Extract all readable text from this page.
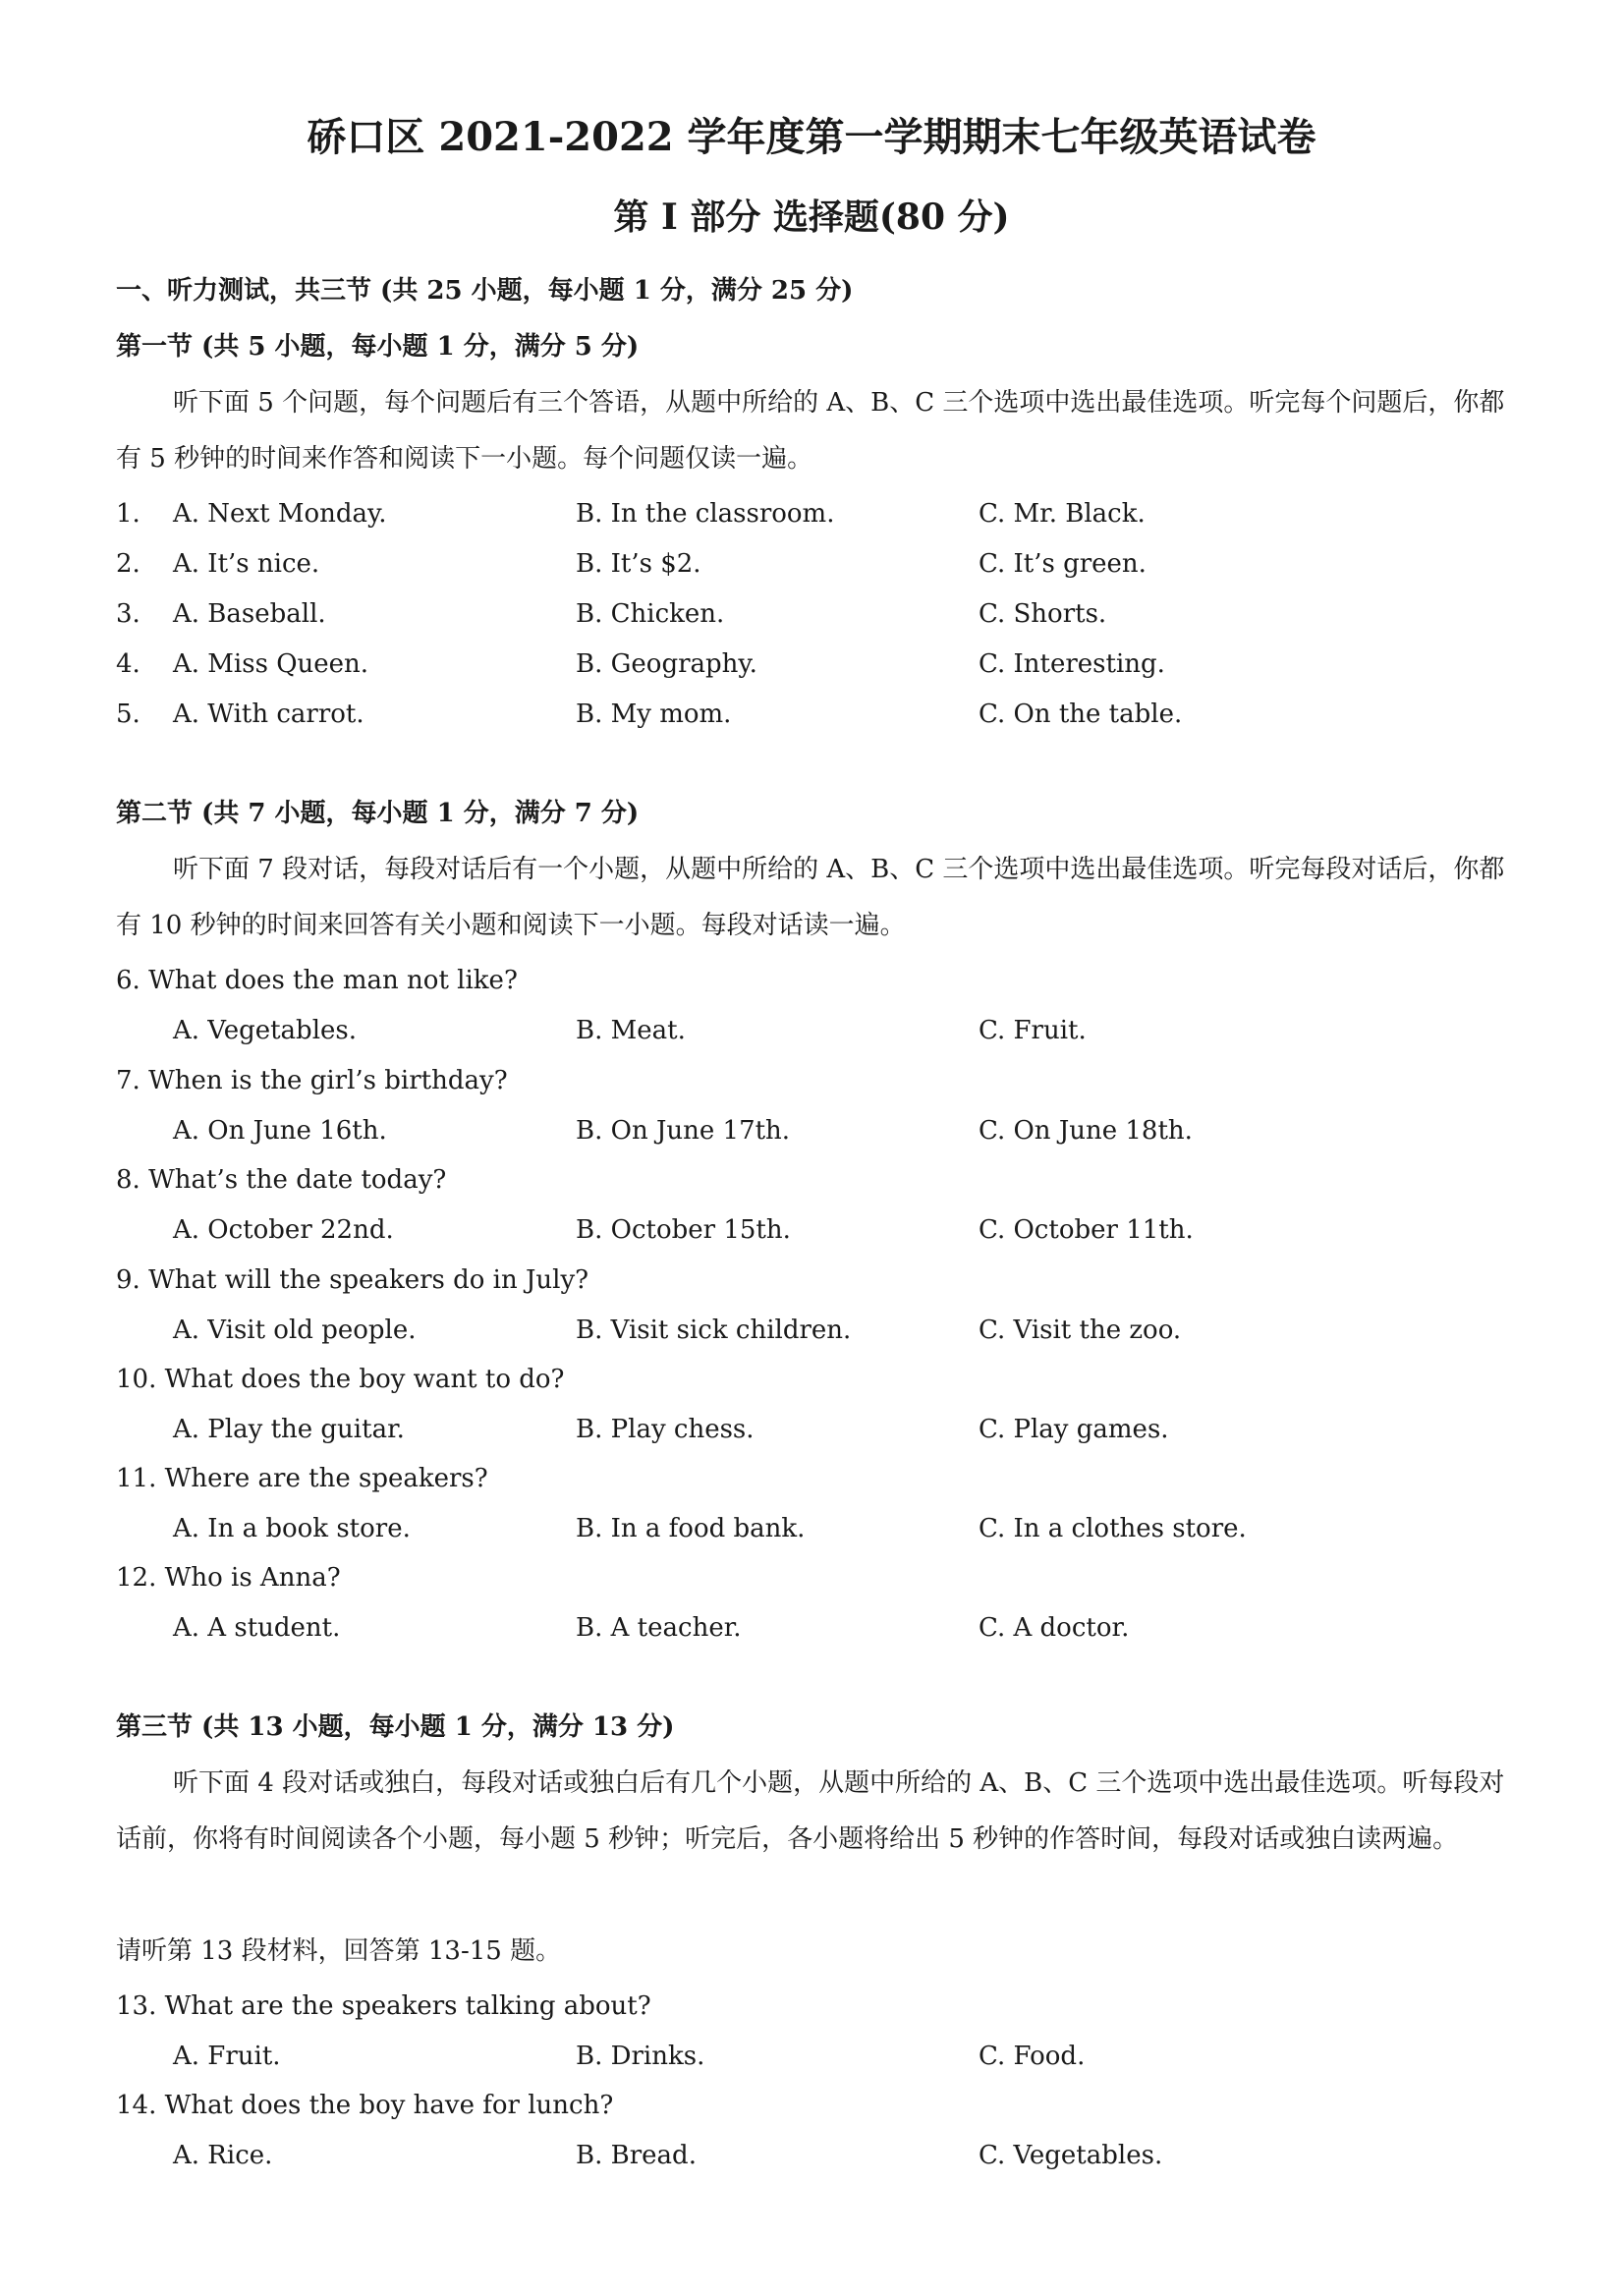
硚口区 2021-2022 学年度第一学期期末七年级英语试卷
第 I 部分 选择题(80 分)
一、听力测试，共三节 (共 25 小题，每小题 1 分，满分 25 分)
第一节 (共 5 小题，每小题 1 分，满分 5 分)
听下面 5 个问题，每个问题后有三个答语，从题中所给的 A、B、C 三个选项中选出最佳选项。听完每个问题后，你都有 5 秒钟的时间来作答和阅读下一小题。每个问题仅读一遍。
1. A. Next Monday.	B. In the classroom.	C. Mr. Black.
2. A. It’s nice.	B. It’s $2.	C. It’s green.
3. A. Baseball.	B. Chicken.	C. Shorts.
4. A. Miss Queen.	B. Geography.	C. Interesting.
5. A. With carrot.	B. My mom.	C. On the table.
第二节 (共 7 小题，每小题 1 分，满分 7 分)
听下面 7 段对话，每段对话后有一个小题，从题中所给的 A、B、C 三个选项中选出最佳选项。听完每段对话后，你都有 10 秒钟的时间来回答有关小题和阅读下一小题。每段对话读一遍。
6. What does the man not like?
A. Vegetables.	B. Meat.	C. Fruit.
7. When is the girl’s birthday?
A. On June 16th.	B. On June 17th.	C. On June 18th.
8. What’s the date today?
A. October 22nd.	B. October 15th.	C. October 11th.
9. What will the speakers do in July?
A. Visit old people.	B. Visit sick children.	C. Visit the zoo.
10. What does the boy want to do?
A. Play the guitar.	B. Play chess.	C. Play games.
11. Where are the speakers?
A. In a book store.	B. In a food bank.	C. In a clothes store.
12. Who is Anna?
A. A student.	B. A teacher.	C. A doctor.
第三节 (共 13 小题，每小题 1 分，满分 13 分)
听下面 4 段对话或独白，每段对话或独白后有几个小题，从题中所给的 A、B、C 三个选项中选出最佳选项。听每段对话前，你将有时间阅读各个小题，每小题 5 秒钟；听完后，各小题将给出 5 秒钟的作答时间，每段对话或独白读两遍。
请听第 13 段材料，回答第 13-15 题。
13. What are the speakers talking about?
A. Fruit.	B. Drinks.	C. Food.
14. What does the boy have for lunch?
A. Rice.	B. Bread.	C. Vegetables.
